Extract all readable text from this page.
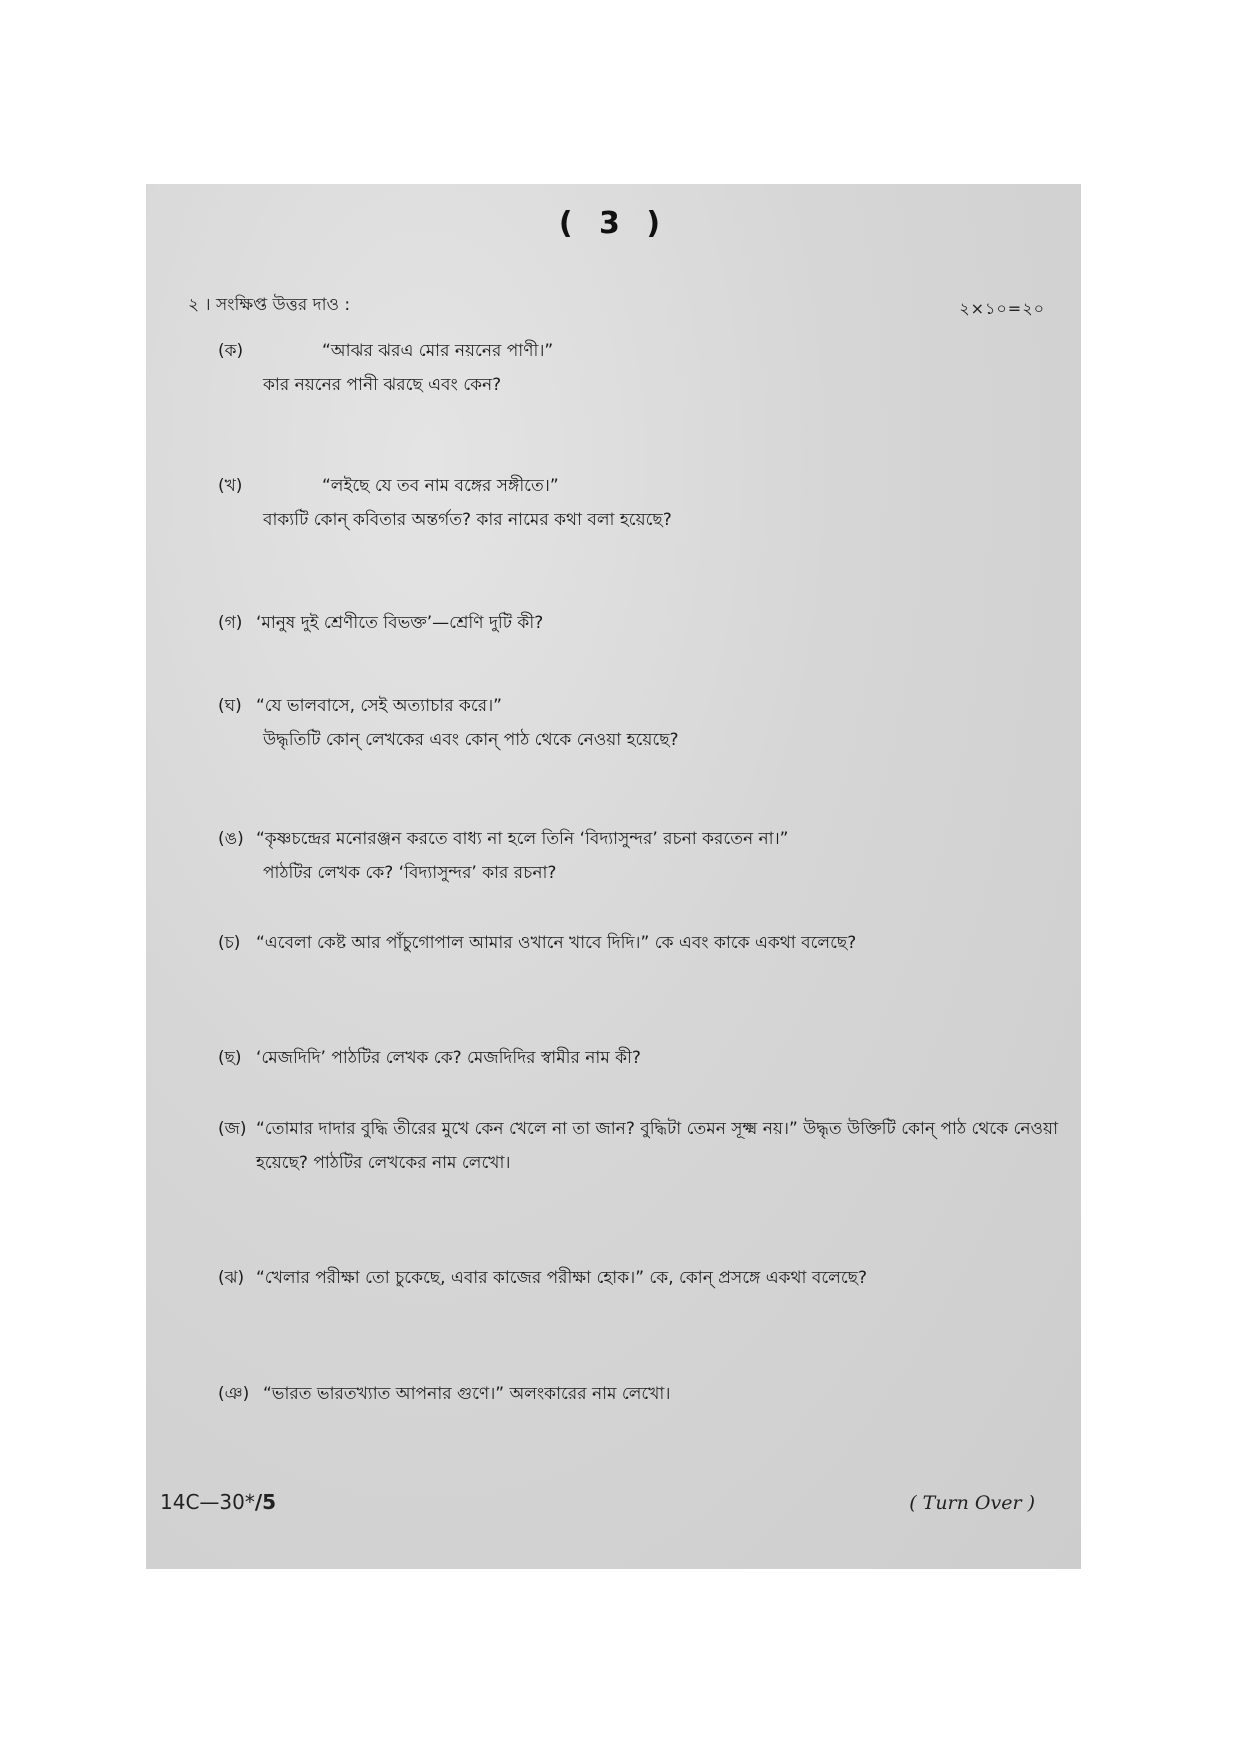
( 3 )
২ । সংক্ষিপ্ত উত্তর দাও :	২×১০=২০
(ক)	“আঝর ঝরএ মোর নয়নের পাণী।”
কার নয়নের পানী ঝরছে এবং কেন?
(খ)	“লইছে যে তব নাম বঙ্গের সঙ্গীতে।”
বাক্যটি কোন্ কবিতার অন্তর্গত? কার নামের কথা বলা হয়েছে?
(গ) ‘মানুষ দুই শ্রেণীতে বিভক্ত’—শ্রেণি দুটি কী?
(ঘ) “যে ভালবাসে, সেই অত্যাচার করে।”
উদ্ধৃতিটি কোন্ লেখকের এবং কোন্ পাঠ থেকে নেওয়া হয়েছে?
(ঙ) “কৃষ্ণচন্দ্রের মনোরঞ্জন করতে বাধ্য না হলে তিনি ‘বিদ্যাসুন্দর’ রচনা করতেন না।”
পাঠটির লেখক কে? ‘বিদ্যাসুন্দর’ কার রচনা?
(চ) “এবেলা কেষ্ট আর পাঁচুগোপাল আমার ওখানে খাবে দিদি।” কে এবং কাকে একথা বলেছে?
(ছ) ‘মেজদিদি’ পাঠটির লেখক কে? মেজদিদির স্বামীর নাম কী?
(জ) “তোমার দাদার বুদ্ধি তীরের মুখে কেন খেলে না তা জান? বুদ্ধিটা তেমন সূক্ষ্ম নয়।” উদ্ধৃত উক্তিটি কোন্ পাঠ থেকে নেওয়া হয়েছে? পাঠটির লেখকের নাম লেখো।
(ঝ) “খেলার পরীক্ষা তো চুকেছে, এবার কাজের পরীক্ষা হোক।” কে, কোন্ প্রসঙ্গে একথা বলেছে?
(ঞ) “ভারত ভারতখ্যাত আপনার গুণে।” অলংকারের নাম লেখো।
14C—30*/5	( Turn Over )
